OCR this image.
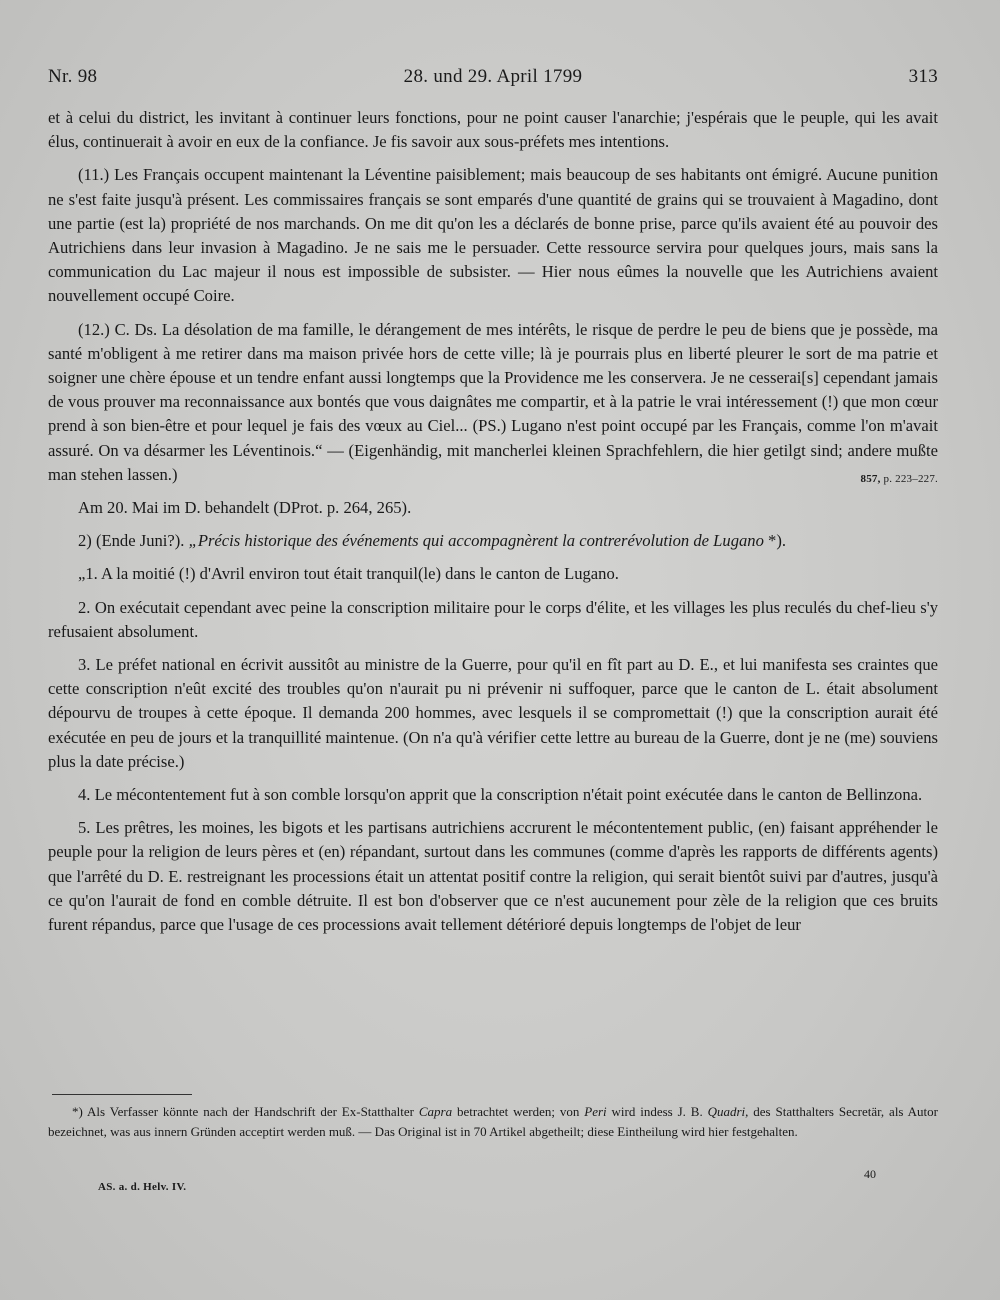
Nr. 98	28. und 29. April 1799	313

et à celui du district, les invitant à continuer leurs fonctions, pour ne point causer l'anarchie; j'espérais que le peuple, qui les avait élus, continuerait à avoir en eux de la confiance. Je fis savoir aux sous-préfets mes intentions.

(11.) Les Français occupent maintenant la Léventine paisiblement; mais beaucoup de ses habitants ont émigré. Aucune punition ne s'est faite jusqu'à présent. Les commissaires français se sont emparés d'une quantité de grains qui se trouvaient à Magadino, dont une partie (est la) propriété de nos marchands. On me dit qu'on les a déclarés de bonne prise, parce qu'ils avaient été au pouvoir des Autrichiens dans leur invasion à Magadino. Je ne sais me le persuader. Cette ressource servira pour quelques jours, mais sans la communication du Lac majeur il nous est impossible de subsister. — Hier nous eûmes la nouvelle que les Autrichiens avaient nouvellement occupé Coire.

(12.) C. Ds. La désolation de ma famille, le dérangement de mes intérêts, le risque de perdre le peu de biens que je possède, ma santé m'obligent à me retirer dans ma maison privée hors de cette ville; là je pourrais plus en liberté pleurer le sort de ma patrie et soigner une chère épouse et un tendre enfant aussi longtemps que la Providence me les conservera. Je ne cesserai[s] cependant jamais de vous prouver ma reconnaissance aux bontés que vous daignâtes me compartir, et à la patrie le vrai intéressement (!) que mon cœur prend à son bien-être et pour lequel je fais des vœux au Ciel... (PS.) Lugano n'est point occupé par les Français, comme l'on m'avait assuré. On va désarmer les Léventinois.“ — (Eigenhändig, mit mancherlei kleinen Sprachfehlern, die hier getilgt sind; andere mußte man stehen lassen.)	857, p. 223–227.

Am 20. Mai im D. behandelt (DProt. p. 264, 265).

2) (Ende Juni?). „Précis historique des événements qui accompagnèrent la contrerévolution de Lugano *).

„1. A la moitié (!) d'Avril environ tout était tranquil(le) dans le canton de Lugano.

2. On exécutait cependant avec peine la conscription militaire pour le corps d'élite, et les villages les plus reculés du chef-lieu s'y refusaient absolument.

3. Le préfet national en écrivit aussitôt au ministre de la Guerre, pour qu'il en fît part au D. E., et lui manifesta ses craintes que cette conscription n'eût excité des troubles qu'on n'aurait pu ni prévenir ni suffoquer, parce que le canton de L. était absolument dépourvu de troupes à cette époque. Il demanda 200 hommes, avec lesquels il se compromettait (!) que la conscription aurait été exécutée en peu de jours et la tranquillité maintenue. (On n'a qu'à vérifier cette lettre au bureau de la Guerre, dont je ne (me) souviens plus la date précise.)

4. Le mécontentement fut à son comble lorsqu'on apprit que la conscription n'était point exécutée dans le canton de Bellinzona.

5. Les prêtres, les moines, les bigots et les partisans autrichiens accrurent le mécontentement public, (en) faisant appréhender le peuple pour la religion de leurs pères et (en) répandant, surtout dans les communes (comme d'après les rapports de différents agents) que l'arrêté du D. E. restreignant les processions était un attentat positif contre la religion, qui serait bientôt suivi par d'autres, jusqu'à ce qu'on l'aurait de fond en comble détruite. Il est bon d'observer que ce n'est aucunement pour zèle de la religion que ces bruits furent répandus, parce que l'usage de ces processions avait tellement détérioré depuis longtemps de l'objet de leur

*) Als Verfasser könnte nach der Handschrift der Ex-Statthalter Capra betrachtet werden; von Peri wird indess J. B. Quadri, des Statthalters Secretär, als Autor bezeichnet, was aus innern Gründen acceptirt werden muß. — Das Original ist in 70 Artikel abgetheilt; diese Eintheilung wird hier festgehalten.

40
AS. a. d. Helv. IV.
